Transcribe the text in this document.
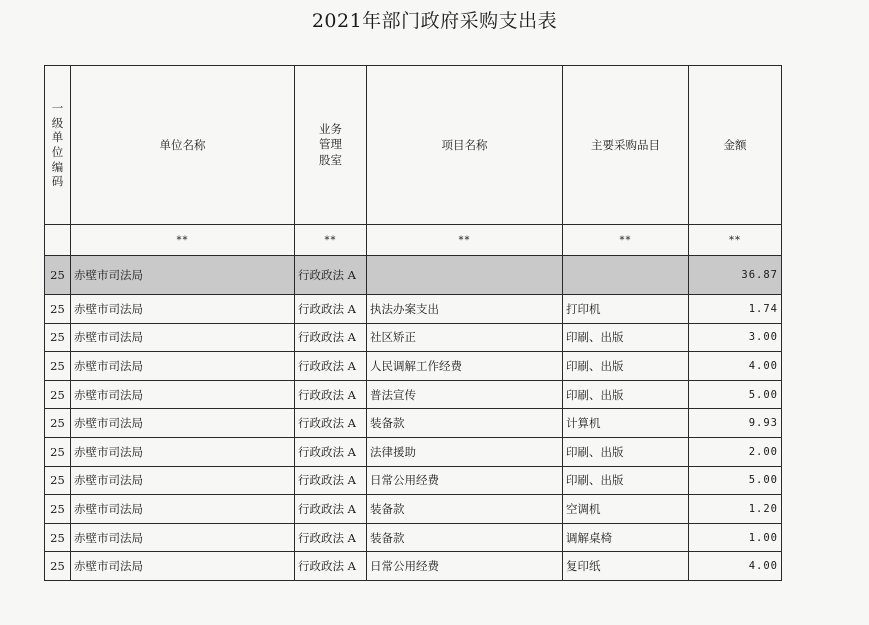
2021年部门政府采购支出表
一级单位编码	单位名称	业务管理股室	项目名称	主要采购品目	金额
	**	**	**	**	**
25	赤壁市司法局	行政政法 A			36.87
25	赤壁市司法局	行政政法 A	执法办案支出	打印机	1.74
25	赤壁市司法局	行政政法 A	社区矫正	印刷、出版	3.00
25	赤壁市司法局	行政政法 A	人民调解工作经费	印刷、出版	4.00
25	赤壁市司法局	行政政法 A	普法宣传	印刷、出版	5.00
25	赤壁市司法局	行政政法 A	装备款	计算机	9.93
25	赤壁市司法局	行政政法 A	法律援助	印刷、出版	2.00
25	赤壁市司法局	行政政法 A	日常公用经费	印刷、出版	5.00
25	赤壁市司法局	行政政法 A	装备款	空调机	1.20
25	赤壁市司法局	行政政法 A	装备款	调解桌椅	1.00
25	赤壁市司法局	行政政法 A	日常公用经费	复印纸	4.00
